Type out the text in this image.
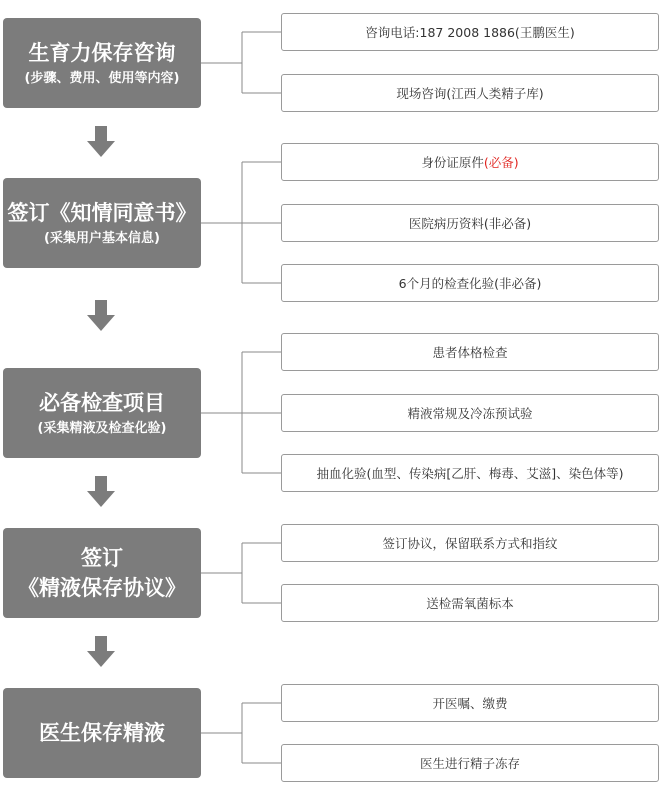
生育力保存咨询
(步骤、费用、使用等内容)
咨询电话:187 2008 1886(王鹏医生)
现场咨询(江西人类精子库)
签订《知情同意书》
(采集用户基本信息)
身份证原件 (必备)
医院病历资料(非必备)
6个月的检查化验(非必备)
必备检查项目
(采集精液及检查化验)
患者体格检查
精液常规及冷冻预试验
抽血化验(血型、传染病[乙肝、梅毒、艾滋]、染色体等)
签订
《精液保存协议》
签订协议，保留联系方式和指纹
送检需氧菌标本
医生保存精液
开医嘱、缴费
医生进行精子冻存
